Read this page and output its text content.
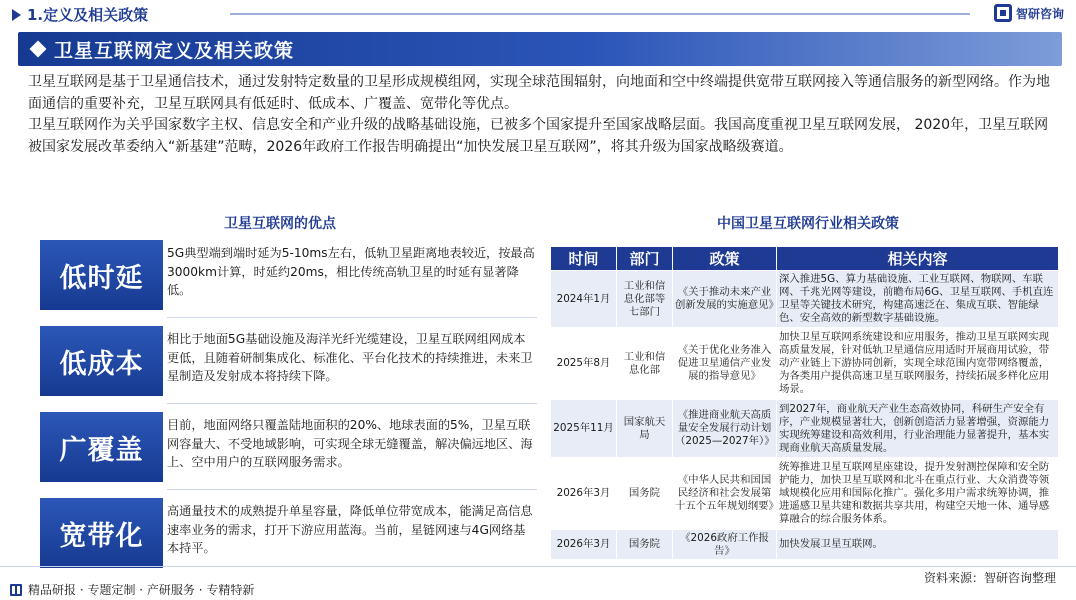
1.定义及相关政策	智研咨询
卫星互联网定义及相关政策

卫星互联网是基于卫星通信技术，通过发射特定数量的卫星形成规模组网，实现全球范围辐射，向地面和空中终端提供宽带互联网接入等通信服务的新型网络。作为地面通信的重要补充，卫星互联网具有低延时、低成本、广覆盖、宽带化等优点。

卫星互联网作为关乎国家数字主权、信息安全和产业升级的战略基础设施，已被多个国家提升至国家战略层面。我国高度重视卫星互联网发展， 2020年，卫星互联网被国家发展改革委纳入“新基建”范畴，2026年政府工作报告明确提出“加快发展卫星互联网”，将其升级为国家战略级赛道。

卫星互联网的优点	中国卫星互联网行业相关政策
低时延
5G典型端到端时延为5-10ms左右，低轨卫星距离地表较近，按最高3000km计算，时延约20ms，相比传统高轨卫星的时延有显著降低。
低成本
相比于地面5G基础设施及海洋光纤光缆建设，卫星互联网组网成本更低，且随着研制集成化、标准化、平台化技术的持续推进，未来卫星制造及发射成本将持续下降。
广覆盖
目前，地面网络只覆盖陆地面积的20%、地球表面的5%，卫星互联网容量大、不受地域影响，可实现全球无缝覆盖，解决偏远地区、海上、空中用户的互联网服务需求。
宽带化
高通量技术的成熟提升单星容量，降低单位带宽成本，能满足高信息速率业务的需求，打开下游应用蓝海。当前，星链网速与4G网络基本持平。
时间	部门	政策	相关内容
2024年1月	工业和信息化部等七部门	《关于推动未来产业创新发展的实施意见》	深入推进5G、算力基础设施、工业互联网、物联网、车联网、千兆光网等建设，前瞻布局6G、卫星互联网、手机直连卫星等关键技术研究，构建高速泛在、集成互联、智能绿色、安全高效的新型数字基础设施。
2025年8月	工业和信息化部	《关于优化业务准入促进卫星通信产业发展的指导意见》	加快卫星互联网系统建设和应用服务，推动卫星互联网实现高质量发展，针对低轨卫星通信应用适时开展商用试验，带动产业链上下游协同创新，实现全球范围内宽带网络覆盖，为各类用户提供高速卫星互联网服务，持续拓展多样化应用场景。
2025年11月	国家航天局	《推进商业航天高质量安全发展行动计划（2025—2027年）》	到2027年，商业航天产业生态高效协同，科研生产安全有序，产业规模显著壮大，创新创造活力显著增强，资源能力实现统筹建设和高效利用，行业治理能力显著提升，基本实现商业航天高质量发展。
2026年3月	国务院	《中华人民共和国国民经济和社会发展第十五个五年规划纲要》	统筹推进卫星互联网星座建设，提升发射测控保障和安全防护能力，加快卫星互联网和北斗在重点行业、大众消费等领域规模化应用和国际化推广。强化多用户需求统筹协调，推进遥感卫星共建和数据共享共用，构建空天地一体、通导感算融合的综合服务体系。
2026年3月	国务院	《2026政府工作报告》	加快发展卫星互联网。
精品研报 · 专题定制 · 产研服务 · 专精特新
资料来源：智研咨询整理
